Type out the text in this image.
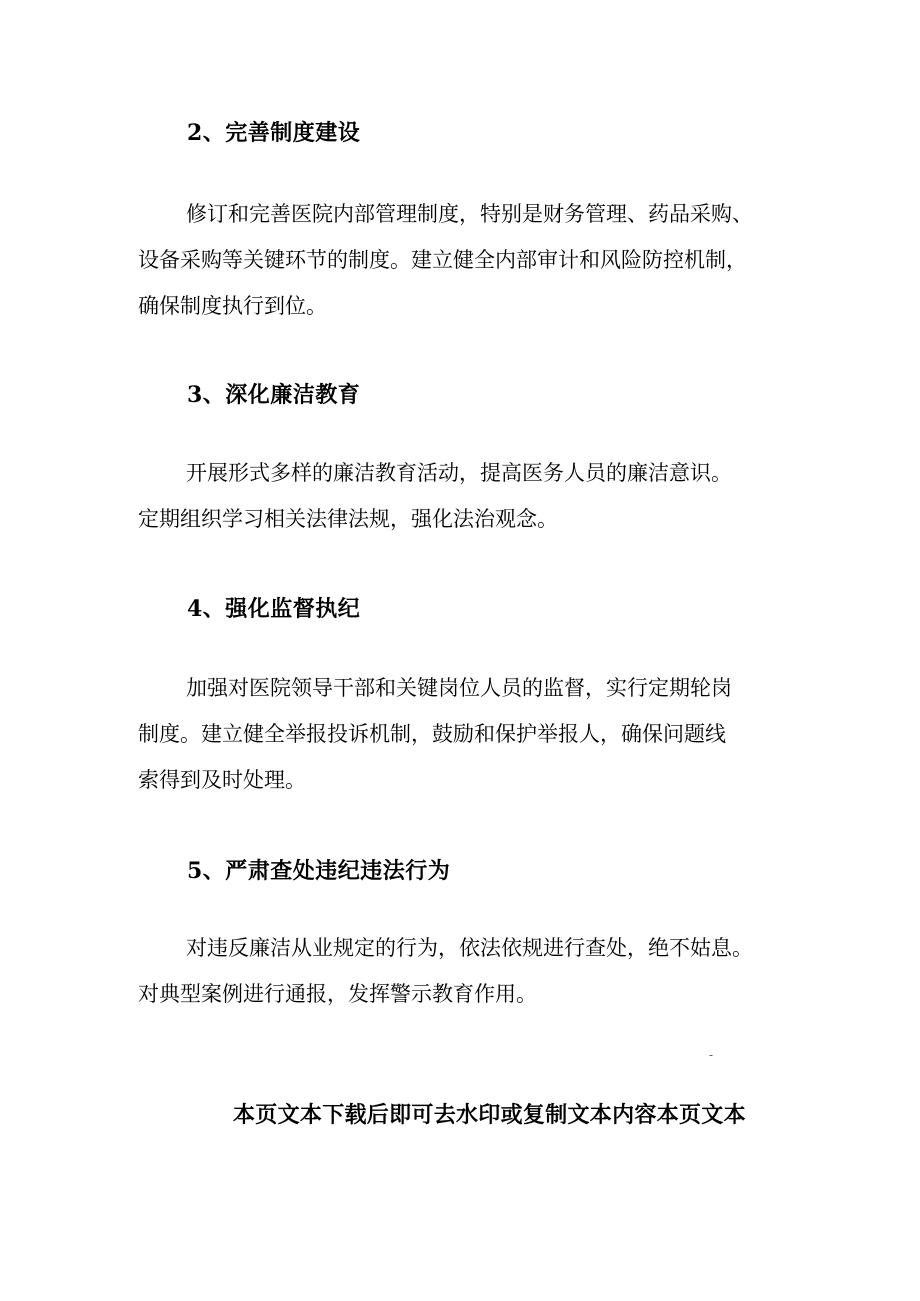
2、完善制度建设
修订和完善医院内部管理制度，特别是财务管理、药品采购、
设备采购等关键环节的制度。建立健全内部审计和风险防控机制，
确保制度执行到位。
3、深化廉洁教育
开展形式多样的廉洁教育活动，提高医务人员的廉洁意识。
定期组织学习相关法律法规，强化法治观念。
4、强化监督执纪
加强对医院领导干部和关键岗位人员的监督，实行定期轮岗
制度。建立健全举报投诉机制，鼓励和保护举报人，确保问题线
索得到及时处理。
5、严肃查处违纪违法行为
对违反廉洁从业规定的行为，依法依规进行查处，绝不姑息。
对典型案例进行通报，发挥警示教育作用。
-
本页文本下载后即可去水印或复制文本内容本页文本
